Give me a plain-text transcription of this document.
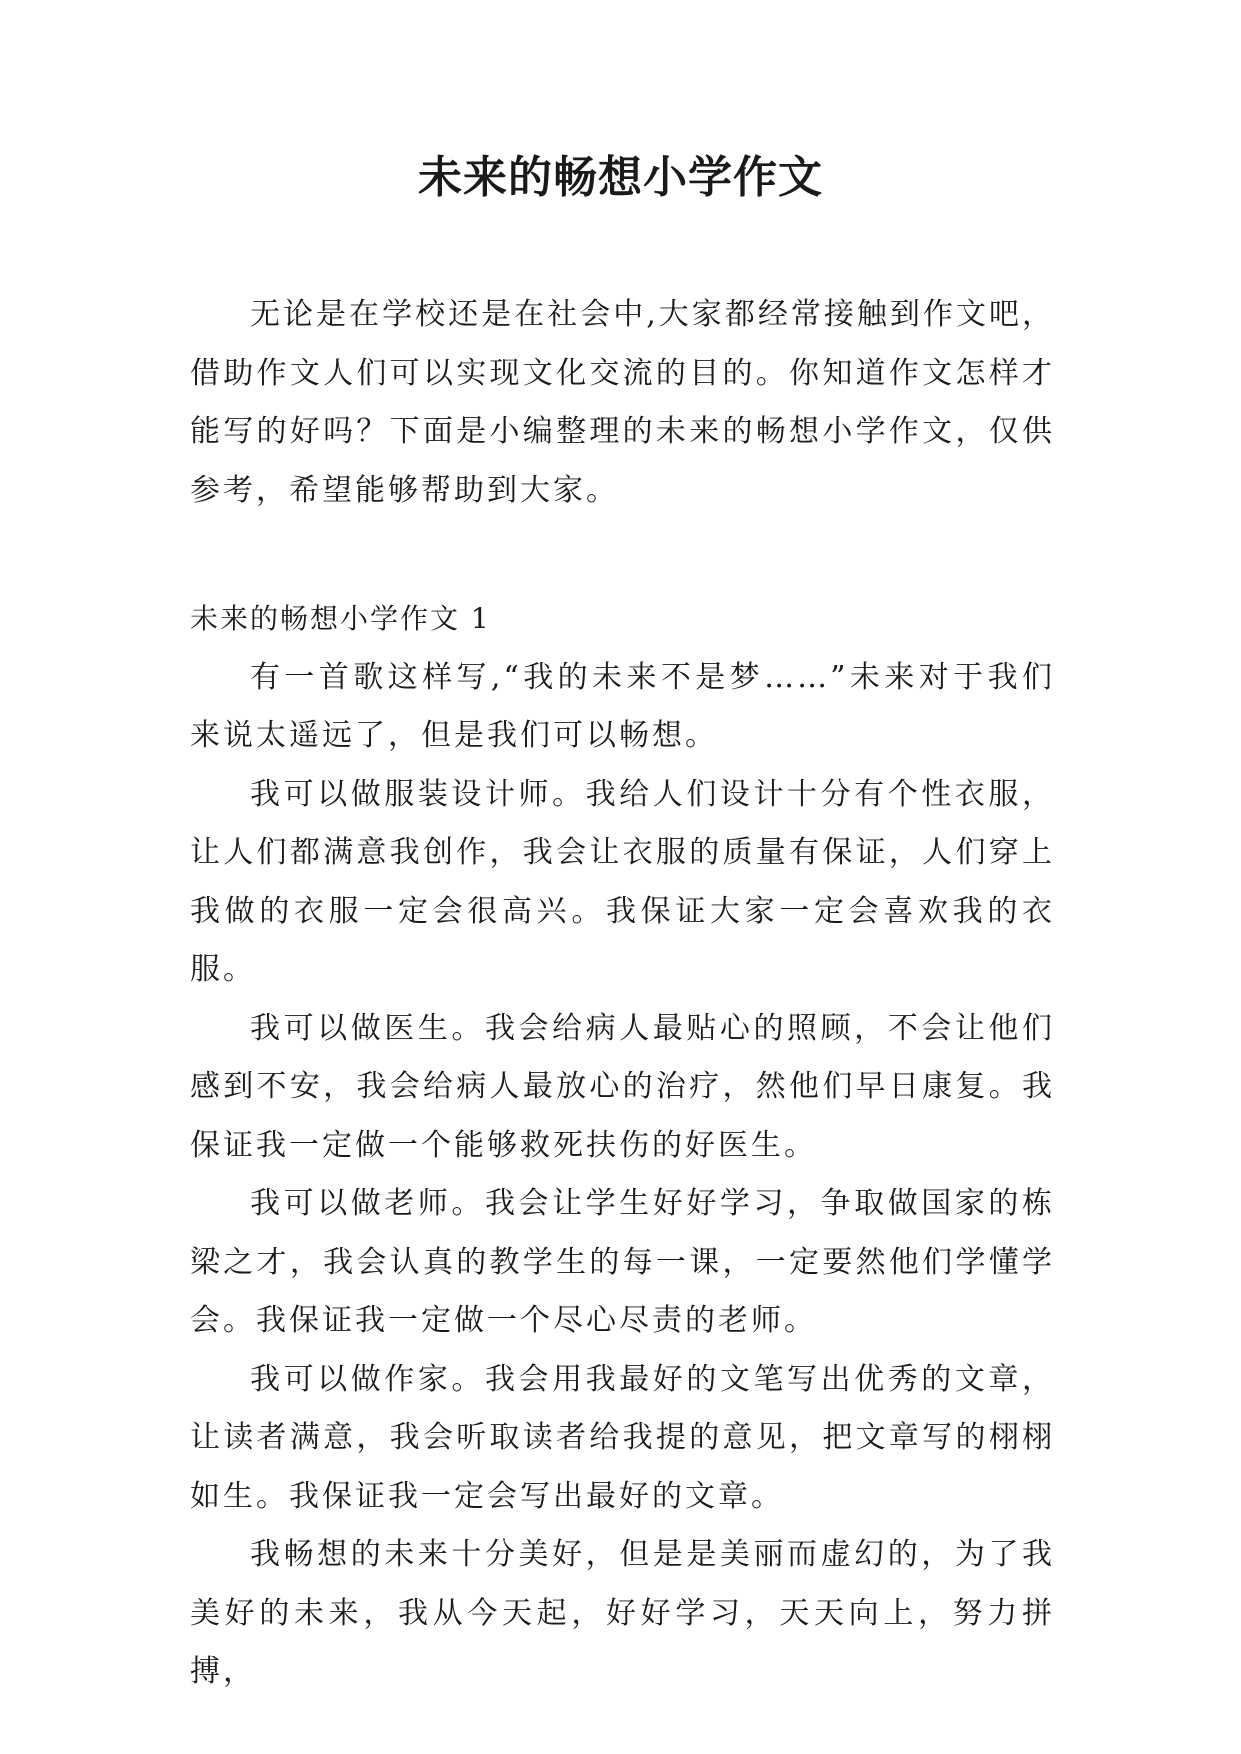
未来的畅想小学作文

无论是在学校还是在社会中,大家都经常接触到作文吧，借助作文人们可以实现文化交流的目的。你知道作文怎样才能写的好吗？下面是小编整理的未来的畅想小学作文，仅供参考，希望能够帮助到大家。

未来的畅想小学作文 1

有一首歌这样写,“我的未来不是梦……”未来对于我们来说太遥远了，但是我们可以畅想。

我可以做服装设计师。我给人们设计十分有个性衣服，让人们都满意我创作，我会让衣服的质量有保证，人们穿上我做的衣服一定会很高兴。我保证大家一定会喜欢我的衣服。

我可以做医生。我会给病人最贴心的照顾，不会让他们感到不安，我会给病人最放心的治疗，然他们早日康复。我保证我一定做一个能够救死扶伤的好医生。

我可以做老师。我会让学生好好学习，争取做国家的栋梁之才，我会认真的教学生的每一课，一定要然他们学懂学会。我保证我一定做一个尽心尽责的老师。

我可以做作家。我会用我最好的文笔写出优秀的文章，让读者满意，我会听取读者给我提的意见，把文章写的栩栩如生。我保证我一定会写出最好的文章。

我畅想的未来十分美好，但是是美丽而虚幻的，为了我美好的未来，我从今天起，好好学习，天天向上，努力拼搏，
